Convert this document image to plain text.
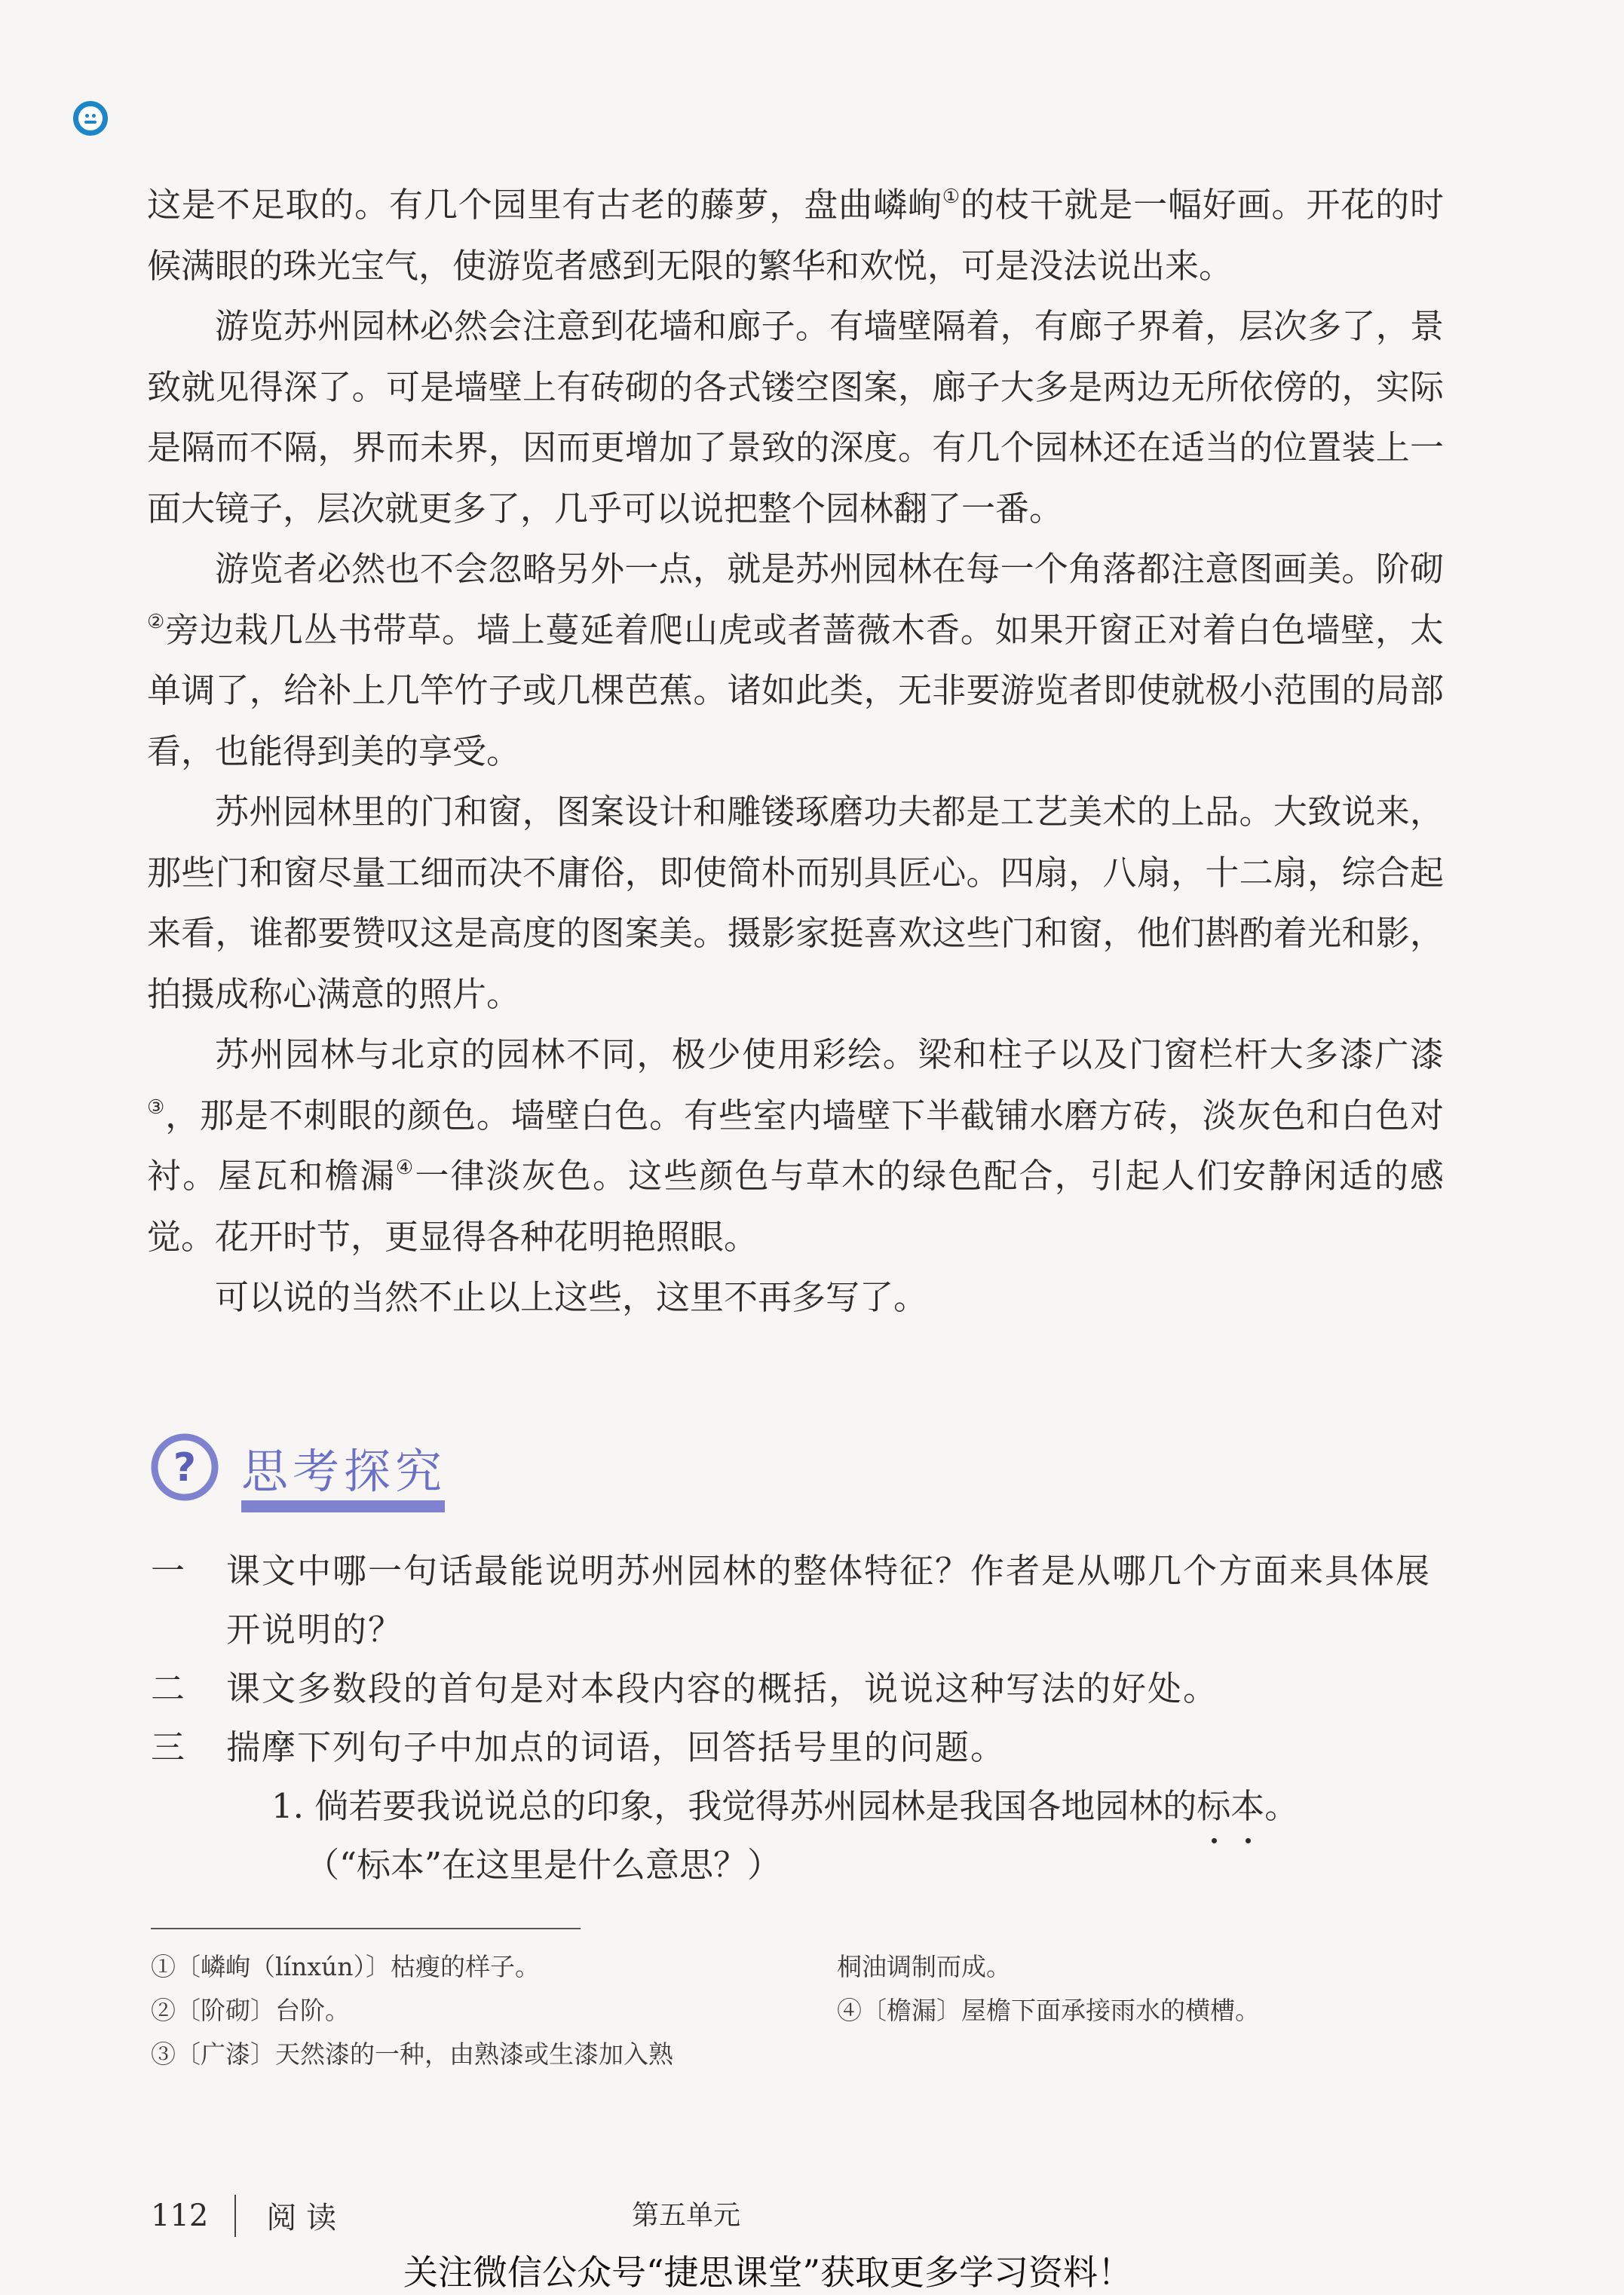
这是不足取的。有几个园里有古老的藤萝，盘曲嶙峋①的枝干就是一幅好画。开花的时候满眼的珠光宝气，使游览者感到无限的繁华和欢悦，可是没法说出来。

游览苏州园林必然会注意到花墙和廊子。有墙壁隔着，有廊子界着，层次多了，景致就见得深了。可是墙壁上有砖砌的各式镂空图案，廊子大多是两边无所依傍的，实际是隔而不隔，界而未界，因而更增加了景致的深度。有几个园林还在适当的位置装上一面大镜子，层次就更多了，几乎可以说把整个园林翻了一番。

游览者必然也不会忽略另外一点，就是苏州园林在每一个角落都注意图画美。阶砌②旁边栽几丛书带草。墙上蔓延着爬山虎或者蔷薇木香。如果开窗正对着白色墙壁，太单调了，给补上几竿竹子或几棵芭蕉。诸如此类，无非要游览者即使就极小范围的局部看，也能得到美的享受。

苏州园林里的门和窗，图案设计和雕镂琢磨功夫都是工艺美术的上品。大致说来，那些门和窗尽量工细而决不庸俗，即使简朴而别具匠心。四扇，八扇，十二扇，综合起来看，谁都要赞叹这是高度的图案美。摄影家挺喜欢这些门和窗，他们斟酌着光和影，拍摄成称心满意的照片。

苏州园林与北京的园林不同，极少使用彩绘。梁和柱子以及门窗栏杆大多漆广漆③，那是不刺眼的颜色。墙壁白色。有些室内墙壁下半截铺水磨方砖，淡灰色和白色对衬。屋瓦和檐漏④一律淡灰色。这些颜色与草木的绿色配合，引起人们安静闲适的感觉。花开时节，更显得各种花明艳照眼。

可以说的当然不止以上这些，这里不再多写了。

? 思考探究
一	课文中哪一句话最能说明苏州园林的整体特征？作者是从哪几个方面来具体展开说明的？
二	课文多数段的首句是对本段内容的概括，说说这种写法的好处。
三	揣摩下列句子中加点的词语，回答括号里的问题。
1. 倘若要我说说总的印象，我觉得苏州园林是我国各地园林的标本。
（“标本”在这里是什么意思？）
①〔嶙峋（línxún）〕枯瘦的样子。
②〔阶砌〕台阶。
③〔广漆〕天然漆的一种，由熟漆或生漆加入熟
桐油调制而成。
④〔檐漏〕屋檐下面承接雨水的横槽。
112 阅 读	第五单元
关注微信公众号“捷思课堂”获取更多学习资料！
